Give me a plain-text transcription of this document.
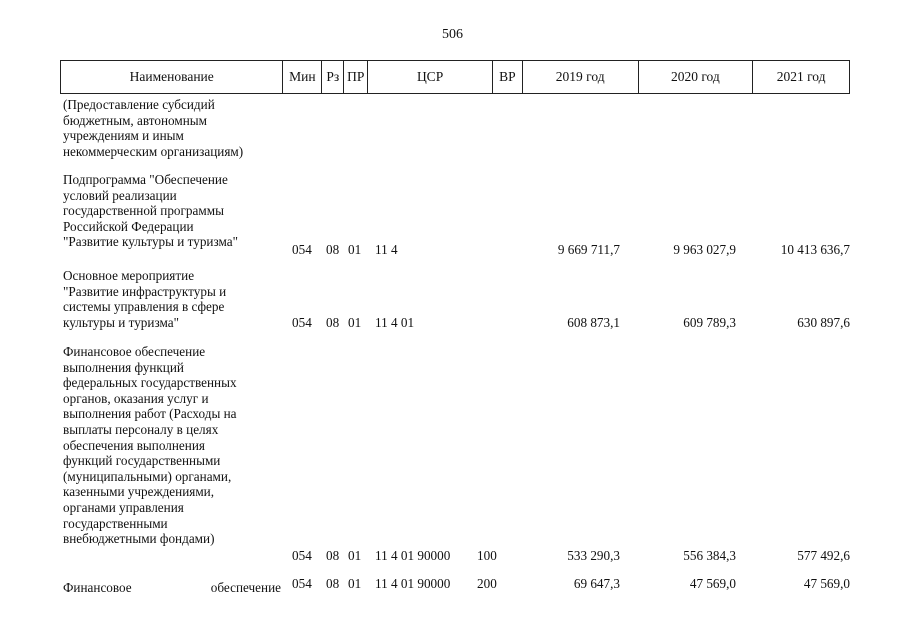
506
Наименование	Мин Рз ПР	ЦСР	ВР	2019 год	2020 год	2021 год
(Предоставление субсидий
бюджетным, автономным
учреждениям и иным
некоммерческим организациям)
Подпрограмма "Обеспечение
условий реализации
государственной программы
Российской Федерации
"Развитие культуры и туризма"
054 08 01 11 4	9 669 711,7	9 963 027,9	10 413 636,7
Основное мероприятие
"Развитие инфраструктуры и
системы управления в сфере
культуры и туризма"	054 08 01 11 4 01	608 873,1	609 789,3	630 897,6
Финансовое обеспечение
выполнения функций
федеральных государственных
органов, оказания услуг и
выполнения работ (Расходы на
выплаты персоналу в целях
обеспечения выполнения
функций государственными
(муниципальными) органами,
казенными учреждениями,
органами управления
государственными
внебюджетными фондами)
054 08 01 11 4 01 90000 100	533 290,3	556 384,3	577 492,6
Финансовое обеспечение 054 08 01 11 4 01 90000 200	69 647,3	47 569,0	47 569,0
